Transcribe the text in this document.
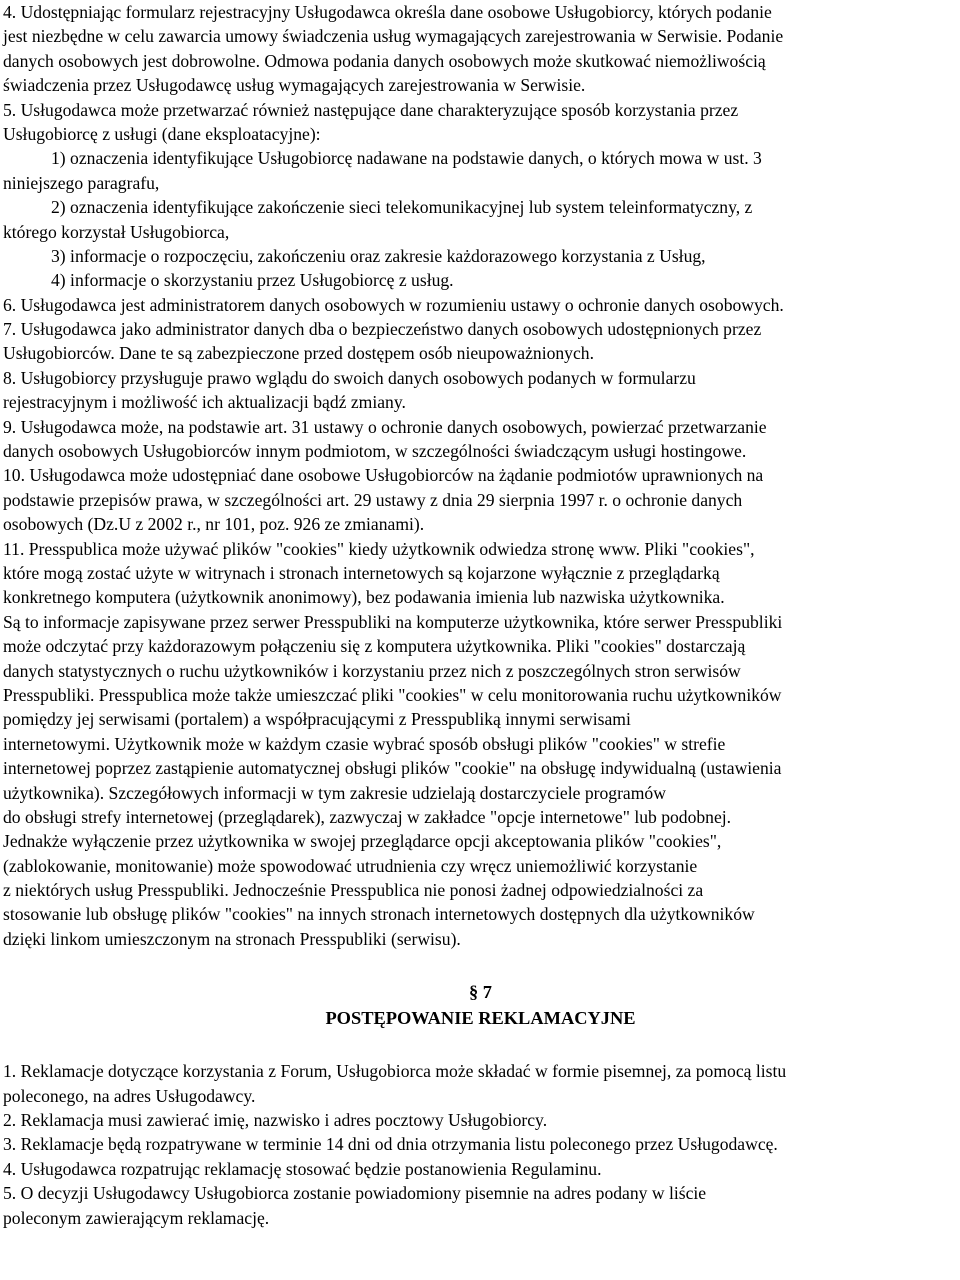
4. Udostępniając formularz rejestracyjny Usługodawca określa dane osobowe Usługobiorcy, których podanie
jest niezbędne w celu zawarcia umowy świadczenia usług wymagających zarejestrowania w Serwisie. Podanie
danych osobowych jest dobrowolne. Odmowa podania danych osobowych może skutkować niemożliwością
świadczenia przez Usługodawcę usług wymagających zarejestrowania w Serwisie.
5. Usługodawca może przetwarzać również następujące dane charakteryzujące sposób korzystania przez
Usługobiorcę z usługi (dane eksploatacyjne):
1) oznaczenia identyfikujące Usługobiorcę nadawane na podstawie danych, o których mowa w ust. 3
niniejszego paragrafu,
2) oznaczenia identyfikujące zakończenie sieci telekomunikacyjnej lub system teleinformatyczny, z
którego korzystał Usługobiorca,
3) informacje o rozpoczęciu, zakończeniu oraz zakresie każdorazowego korzystania z Usług,
4) informacje o skorzystaniu przez Usługobiorcę z usług.
6. Usługodawca jest administratorem danych osobowych w rozumieniu ustawy o ochronie danych osobowych.
7. Usługodawca jako administrator danych dba o bezpieczeństwo danych osobowych udostępnionych przez
Usługobiorców. Dane te są zabezpieczone przed dostępem osób nieupoważnionych.
8. Usługobiorcy przysługuje prawo wglądu do swoich danych osobowych podanych w formularzu
rejestracyjnym i możliwość ich aktualizacji bądź zmiany.
9. Usługodawca może, na podstawie art. 31 ustawy o ochronie danych osobowych, powierzać przetwarzanie
danych osobowych Usługobiorców innym podmiotom, w szczególności świadczącym usługi hostingowe.
10. Usługodawca może udostępniać dane osobowe Usługobiorców na żądanie podmiotów uprawnionych na
podstawie przepisów prawa, w szczególności art. 29 ustawy z dnia 29 sierpnia 1997 r. o ochronie danych
osobowych (Dz.U z 2002 r., nr 101, poz. 926 ze zmianami).
11. Presspublica może używać plików "cookies" kiedy użytkownik odwiedza stronę www. Pliki "cookies",
które mogą zostać użyte w witrynach i stronach internetowych są kojarzone wyłącznie z przeglądarką
konkretnego komputera (użytkownik anonimowy), bez podawania imienia lub nazwiska użytkownika.
Są to informacje zapisywane przez serwer Presspubliki na komputerze użytkownika, które serwer Presspubliki
może odczytać przy każdorazowym połączeniu się z komputera użytkownika. Pliki "cookies" dostarczają
danych statystycznych o ruchu użytkowników i korzystaniu przez nich z poszczególnych stron serwisów
Presspubliki. Presspublica może także umieszczać pliki "cookies" w celu monitorowania ruchu użytkowników
pomiędzy jej serwisami (portalem) a współpracującymi z Presspubliką innymi serwisami
internetowymi. Użytkownik może w każdym czasie wybrać sposób obsługi plików "cookies" w strefie
internetowej poprzez zastąpienie automatycznej obsługi plików "cookie" na obsługę indywidualną (ustawienia
użytkownika). Szczegółowych informacji w tym zakresie udzielają dostarczyciele programów
do obsługi strefy internetowej (przeglądarek), zazwyczaj w zakładce "opcje internetowe" lub podobnej.
Jednakże wyłączenie przez użytkownika w swojej przeglądarce opcji akceptowania plików "cookies",
(zablokowanie, monitowanie) może spowodować utrudnienia czy wręcz uniemożliwić korzystanie
z niektórych usług Presspubliki. Jednocześnie Presspublica nie ponosi żadnej odpowiedzialności za
stosowanie lub obsługę plików "cookies" na innych stronach internetowych dostępnych dla użytkowników
dzięki linkom umieszczonym na stronach Presspubliki (serwisu).
§ 7
POSTĘPOWANIE REKLAMACYJNE
1. Reklamacje dotyczące korzystania z Forum, Usługobiorca może składać w formie pisemnej, za pomocą listu
poleconego, na adres Usługodawcy.
2. Reklamacja musi zawierać imię, nazwisko i adres pocztowy Usługobiorcy.
3. Reklamacje będą rozpatrywane w terminie 14 dni od dnia otrzymania listu poleconego przez Usługodawcę.
4. Usługodawca rozpatrując reklamację stosować będzie postanowienia Regulaminu.
5. O decyzji Usługodawcy Usługobiorca zostanie powiadomiony pisemnie na adres podany w liście
poleconym zawierającym reklamację.
